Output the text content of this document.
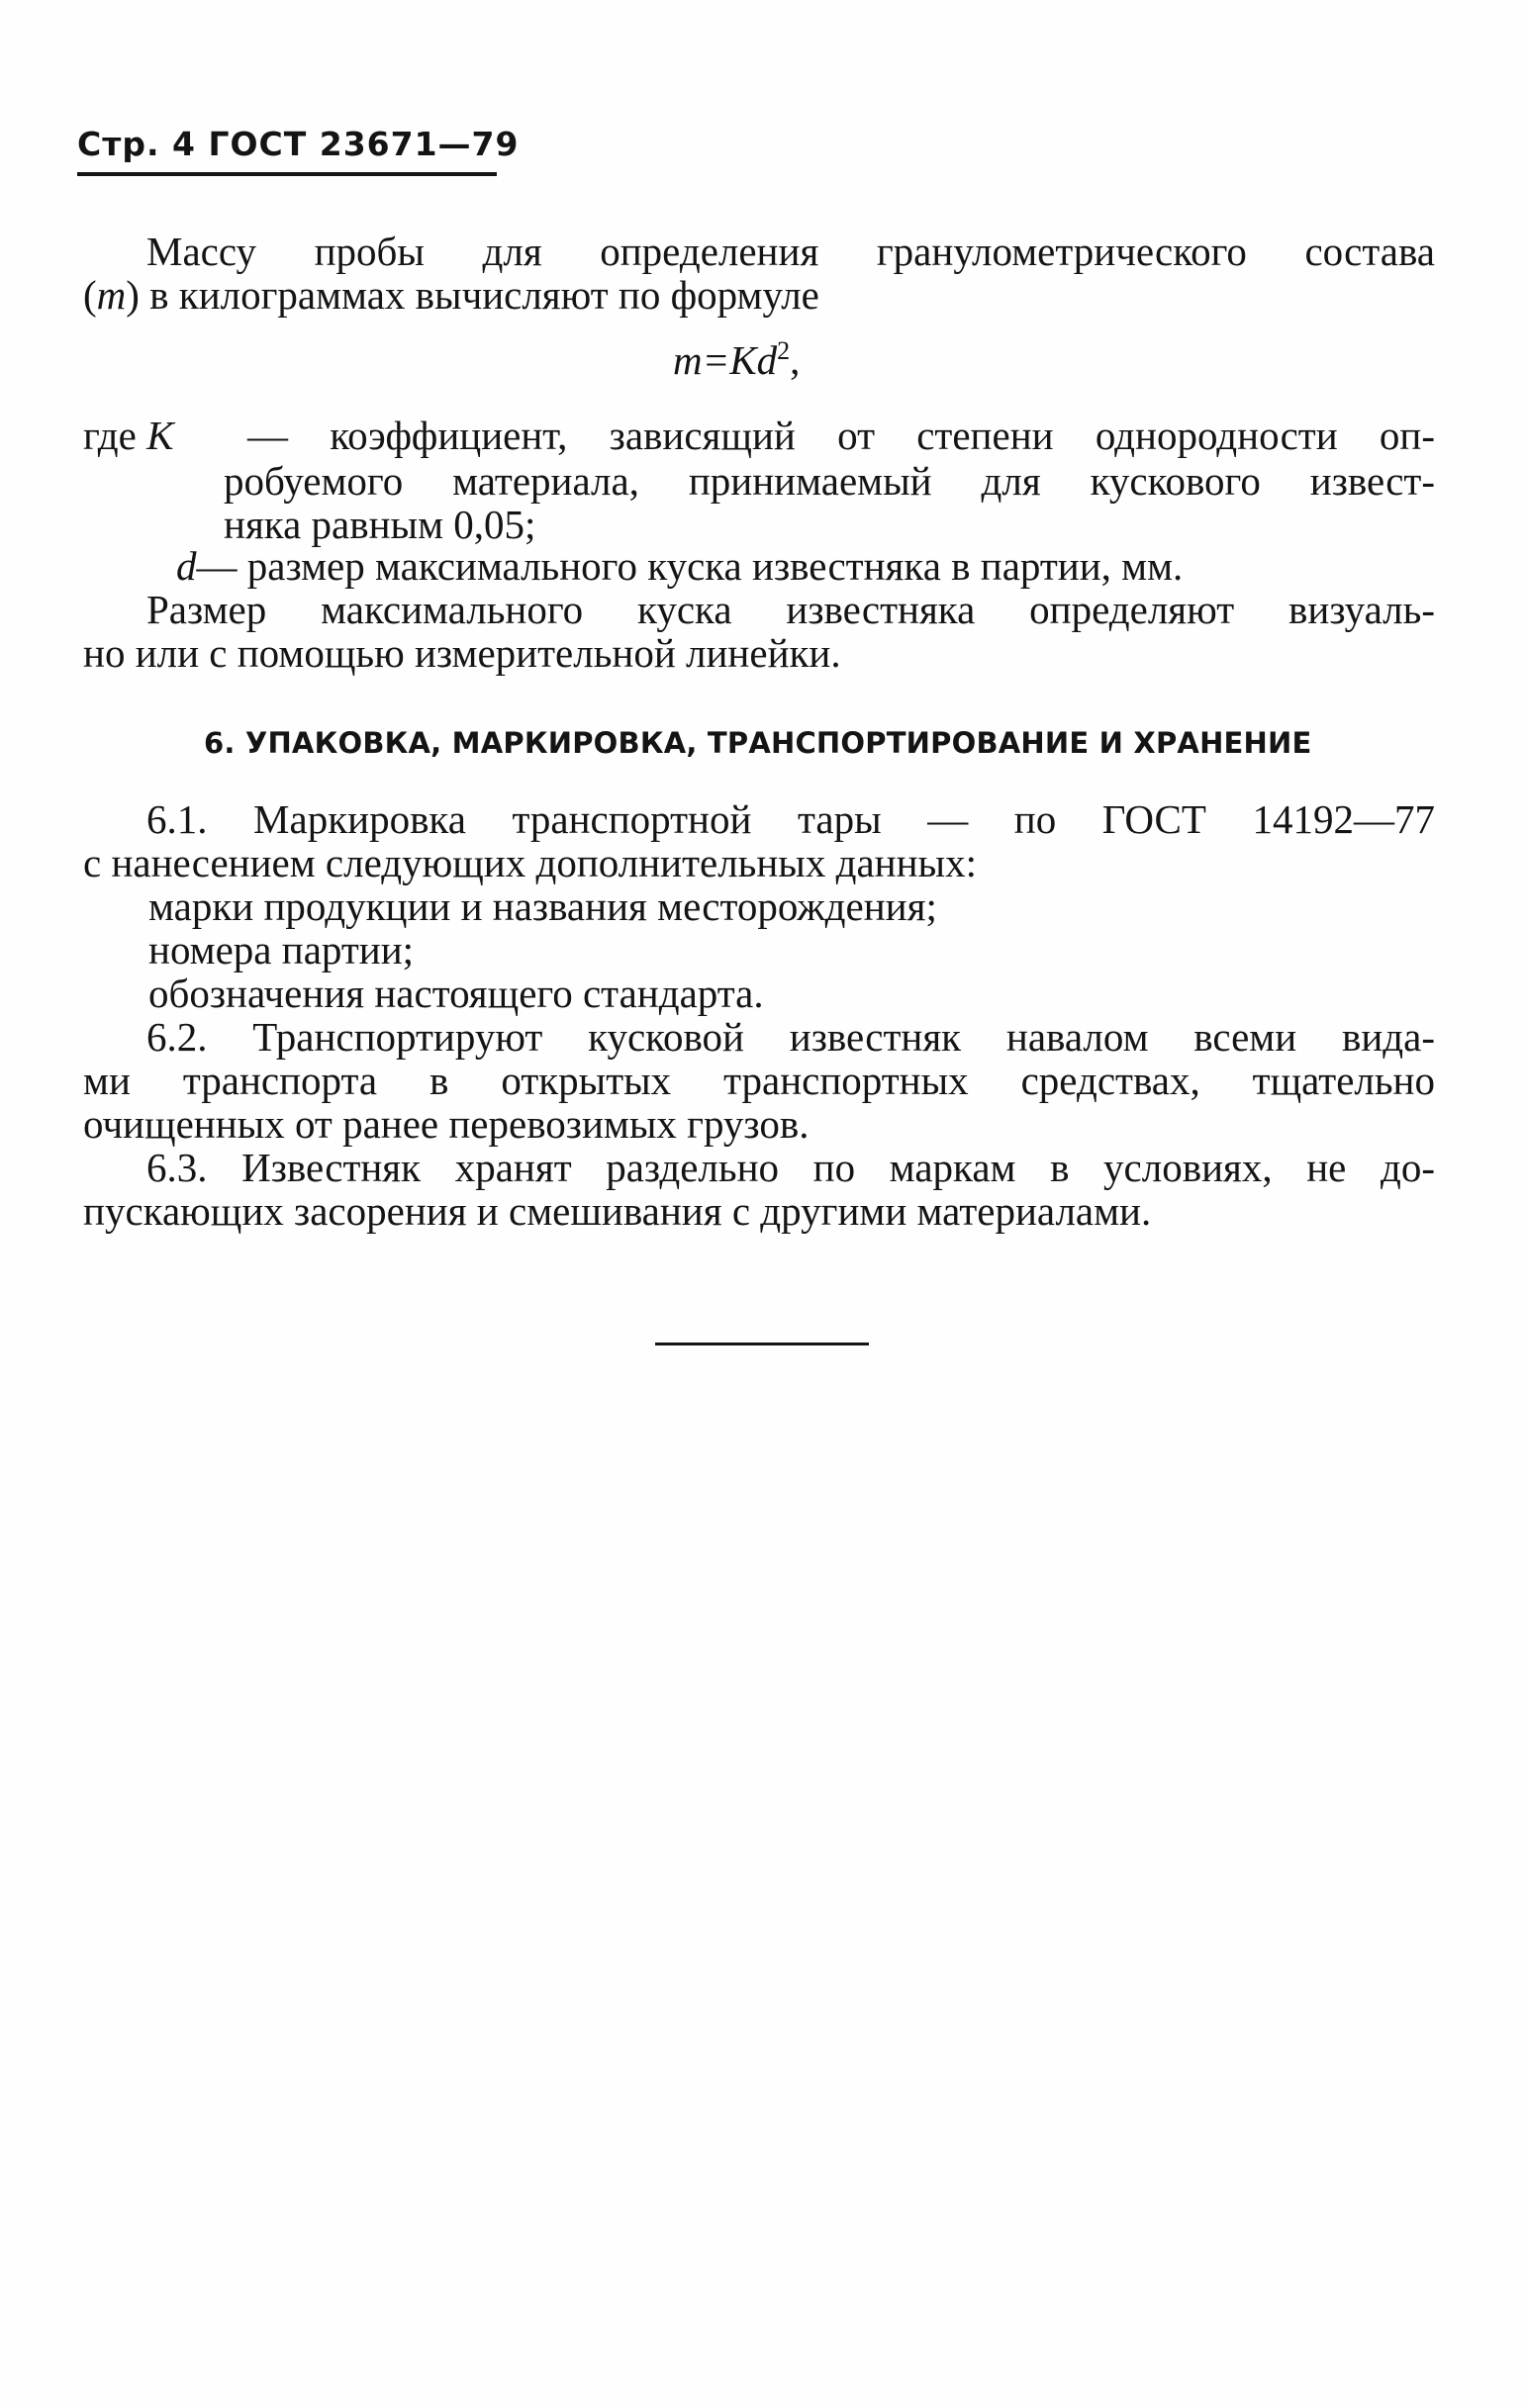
Стр. 4 ГОСТ 23671—79
Массу пробы для определения гранулометрического состава
(m) в килограммах вычисляют по формуле
$m=Kd^2$,
где K — коэффициент, зависящий от степени однородности оп-
робуемого материала, принимаемый для кускового извест-
няка равным 0,05;
d— размер максимального куска известняка в партии, мм.
Размер максимального куска известняка определяют визуаль-
но или с помощью измерительной линейки.
6. УПАКОВКА, МАРКИРОВКА, ТРАНСПОРТИРОВАНИЕ И ХРАНЕНИЕ
6.1. Маркировка транспортной тары — по ГОСТ 14192—77
с нанесением следующих дополнительных данных:
марки продукции и названия месторождения;
номера партии;
обозначения настоящего стандарта.
6.2. Транспортируют кусковой известняк навалом всеми вида-
ми транспорта в открытых транспортных средствах, тщательно
очищенных от ранее перевозимых грузов.
6.3. Известняк хранят раздельно по маркам в условиях, не до-
пускающих засорения и смешивания с другими материалами.
